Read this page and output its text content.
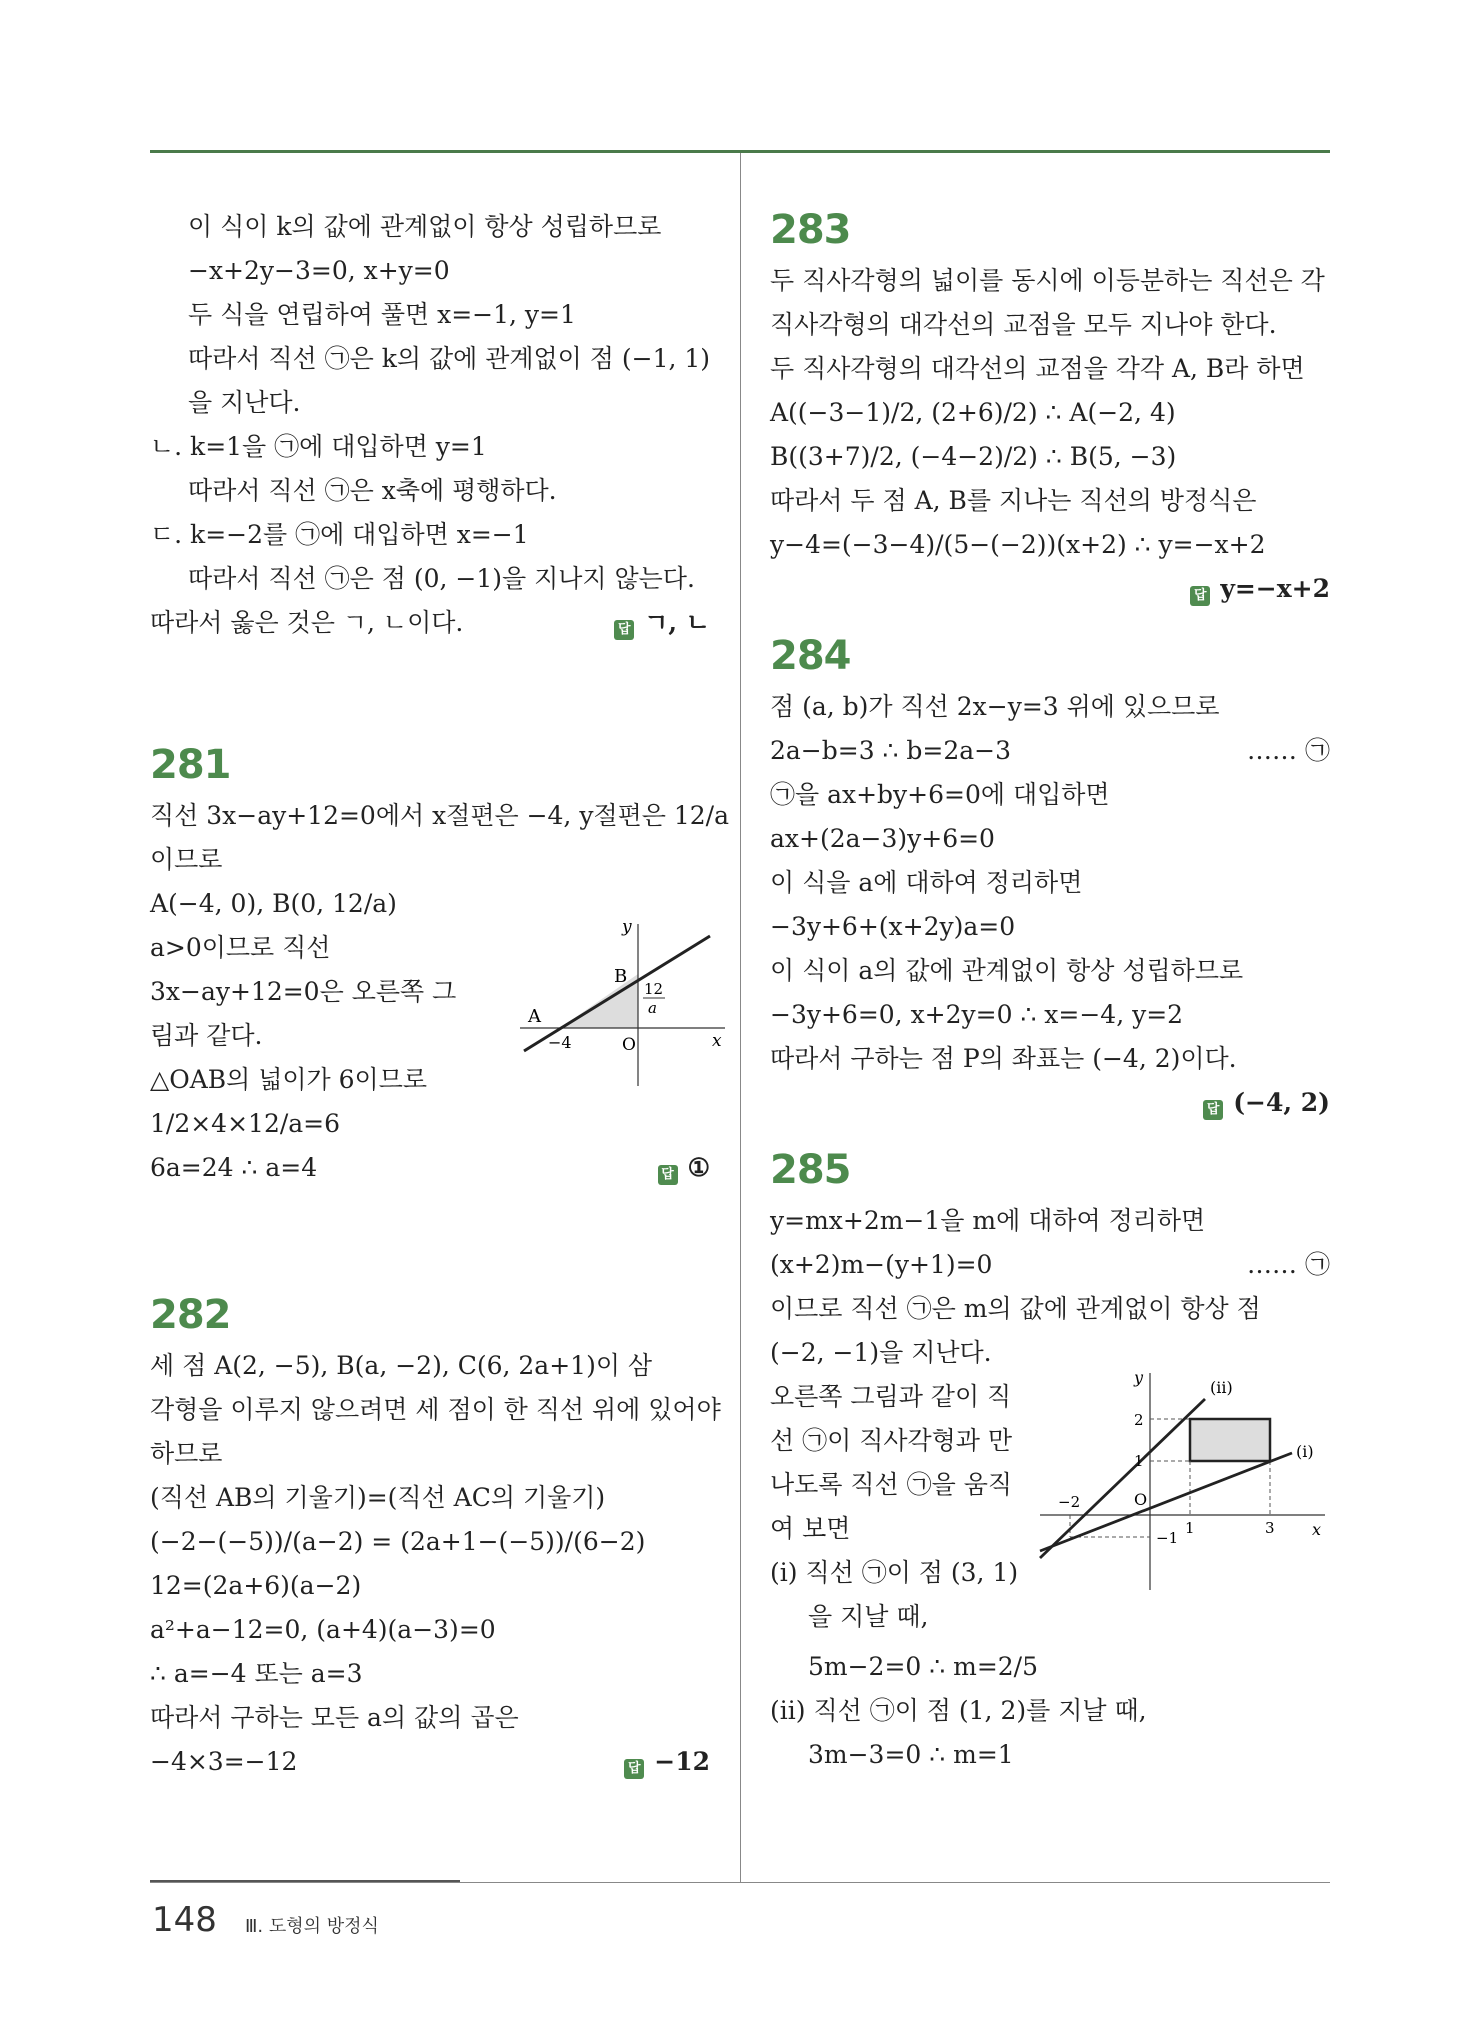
이 식이 k의 값에 관계없이 항상 성립하므로
−x+2y−3=0, x+y=0
두 식을 연립하여 풀면 x=−1, y=1
따라서 직선 ㉠은 k의 값에 관계없이 점 (−1, 1)
을 지난다.
ㄴ. k=1을 ㉠에 대입하면 y=1
따라서 직선 ㉠은 x축에 평행하다.
ㄷ. k=−2를 ㉠에 대입하면 x=−1
따라서 직선 ㉠은 점 (0, −1)을 지나지 않는다.
따라서 옳은 것은 ㄱ, ㄴ이다.	답 ㄱ, ㄴ
281
직선 3x−ay+12=0에서 x절편은 −4, y절편은 12/a
이므로
A(−4, 0), B(0, 12/a)
a>0이므로 직선
3x−ay+12=0은 오른쪽 그
림과 같다.
△OAB의 넓이가 6이므로
1/2×4×12/a=6
A
B
O
−4	x
y
12
a
6a=24 ∴ a=4	답 ①
282
세 점 A(2, −5), B(a, −2), C(6, 2a+1)이 삼
각형을 이루지 않으려면 세 점이 한 직선 위에 있어야
하므로
(직선 AB의 기울기)=(직선 AC의 기울기)
(−2−(−5))/(a−2) = (2a+1−(−5))/(6−2)
12=(2a+6)(a−2)
a²+a−12=0, (a+4)(a−3)=0
∴ a=−4 또는 a=3
따라서 구하는 모든 a의 값의 곱은
−4×3=−12	답 −12
283
두 직사각형의 넓이를 동시에 이등분하는 직선은 각
직사각형의 대각선의 교점을 모두 지나야 한다.
두 직사각형의 대각선의 교점을 각각 A, B라 하면
A((−3−1)/2, (2+6)/2) ∴ A(−2, 4)
B((3+7)/2, (−4−2)/2) ∴ B(5, −3)
따라서 두 점 A, B를 지나는 직선의 방정식은
y−4=(−3−4)/(5−(−2))(x+2) ∴ y=−x+2
답 y=−x+2
284
점 (a, b)가 직선 2x−y=3 위에 있으므로
2a−b=3 ∴ b=2a−3	…… ㉠
㉠을 ax+by+6=0에 대입하면
ax+(2a−3)y+6=0
이 식을 a에 대하여 정리하면
−3y+6+(x+2y)a=0
이 식이 a의 값에 관계없이 항상 성립하므로
−3y+6=0, x+2y=0 ∴ x=−4, y=2
따라서 구하는 점 P의 좌표는 (−4, 2)이다.
답 (−4, 2)
285
y=mx+2m−1을 m에 대하여 정리하면
(x+2)m−(y+1)=0	…… ㉠
이므로 직선 ㉠은 m의 값에 관계없이 항상 점
(−2, −1)을 지난다.
오른쪽 그림과 같이 직
선 ㉠이 직사각형과 만
나도록 직선 ㉠을 움직
여 보면
(ⅰ) 직선 ㉠이 점 (3, 1)
을 지날 때,
(ⅱ)
(ⅰ)
x
y
O
2
1
−2
1	3
−1
5m−2=0 ∴ m=2/5
(ⅱ) 직선 ㉠이 점 (1, 2)를 지날 때,
3m−3=0 ∴ m=1
148 Ⅲ. 도형의 방정식
